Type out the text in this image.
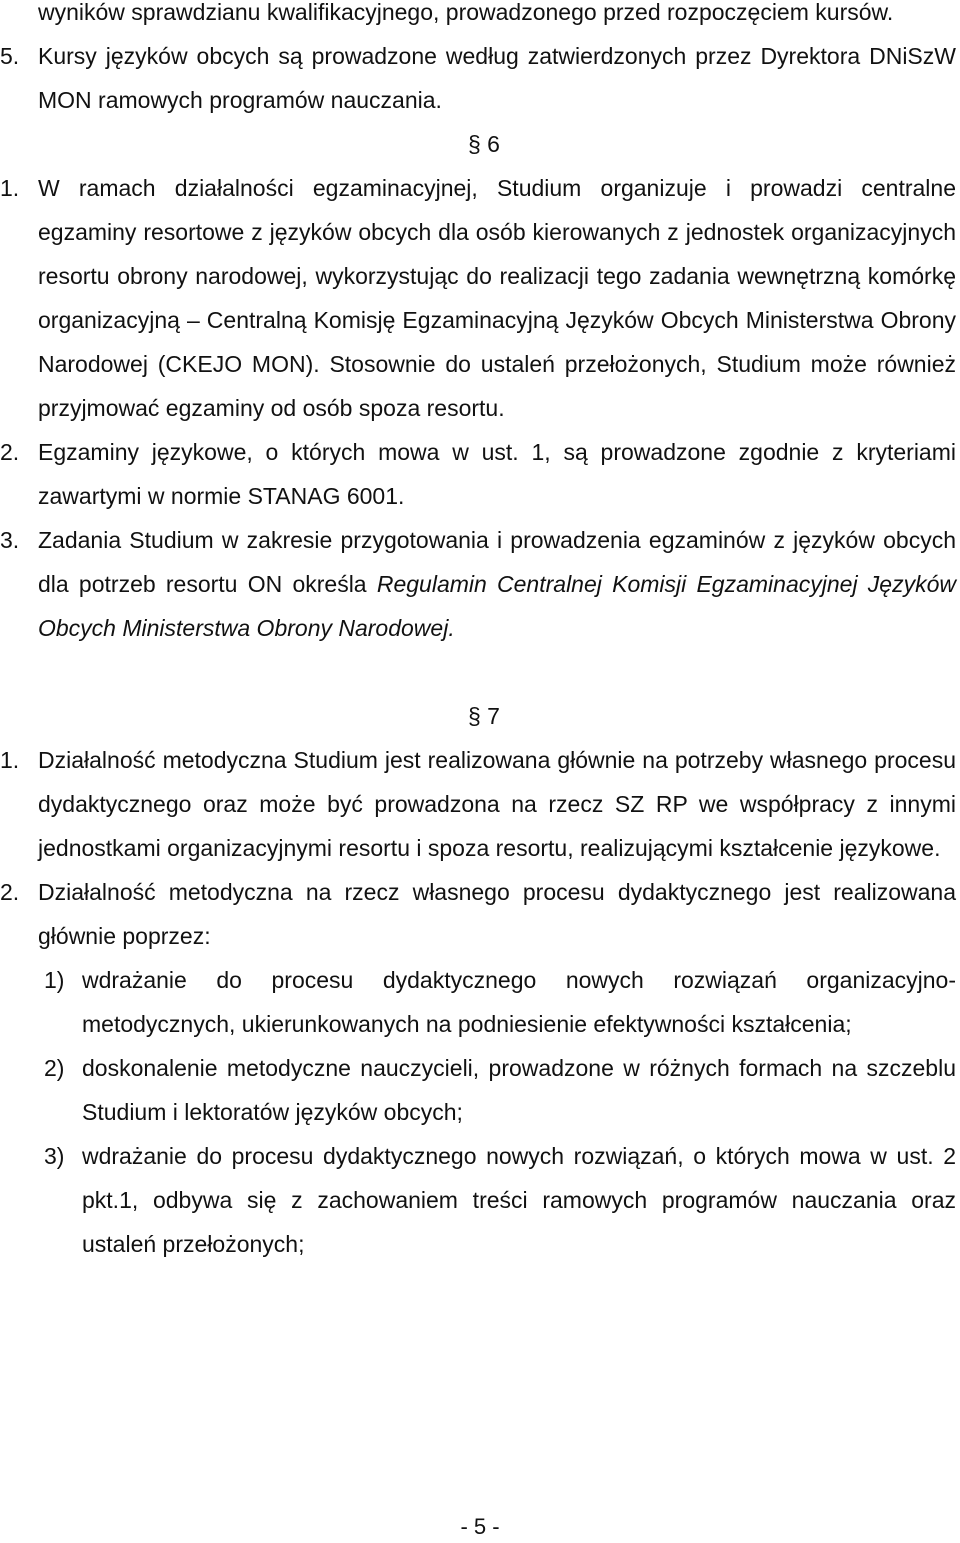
wyników sprawdzianu kwalifikacyjnego, prowadzonego przed rozpoczęciem kursów.
5. Kursy języków obcych są prowadzone według zatwierdzonych przez Dyrektora DNiSzW MON ramowych programów nauczania.
§ 6
1. W ramach działalności egzaminacyjnej, Studium organizuje i prowadzi centralne egzaminy resortowe z języków obcych dla osób kierowanych z jednostek organizacyjnych resortu obrony narodowej, wykorzystując do realizacji tego zadania wewnętrzną komórkę organizacyjną – Centralną Komisję Egzaminacyjną Języków Obcych Ministerstwa Obrony Narodowej (CKEJO MON). Stosownie do ustaleń przełożonych, Studium może również przyjmować egzaminy od osób spoza resortu.
2. Egzaminy językowe, o których mowa w ust. 1, są prowadzone zgodnie z kryteriami zawartymi w normie STANAG 6001.
3. Zadania Studium w zakresie przygotowania i prowadzenia egzaminów z języków obcych dla potrzeb resortu ON określa Regulamin Centralnej Komisji Egzaminacyjnej Języków Obcych Ministerstwa Obrony Narodowej.
§ 7
1. Działalność metodyczna Studium jest realizowana głównie na potrzeby własnego procesu dydaktycznego oraz może być prowadzona na rzecz SZ RP we współpracy z innymi jednostkami organizacyjnymi resortu i spoza resortu, realizującymi kształcenie językowe.
2. Działalność metodyczna na rzecz własnego procesu dydaktycznego jest realizowana głównie poprzez:
1) wdrażanie do procesu dydaktycznego nowych rozwiązań organizacyjno-metodycznych, ukierunkowanych na podniesienie efektywności kształcenia;
2) doskonalenie metodyczne nauczycieli, prowadzone w różnych formach na szczeblu Studium i lektoratów języków obcych;
3) wdrażanie do procesu dydaktycznego nowych rozwiązań, o których mowa w ust. 2 pkt.1, odbywa się z zachowaniem treści ramowych programów nauczania oraz ustaleń przełożonych;
- 5 -
